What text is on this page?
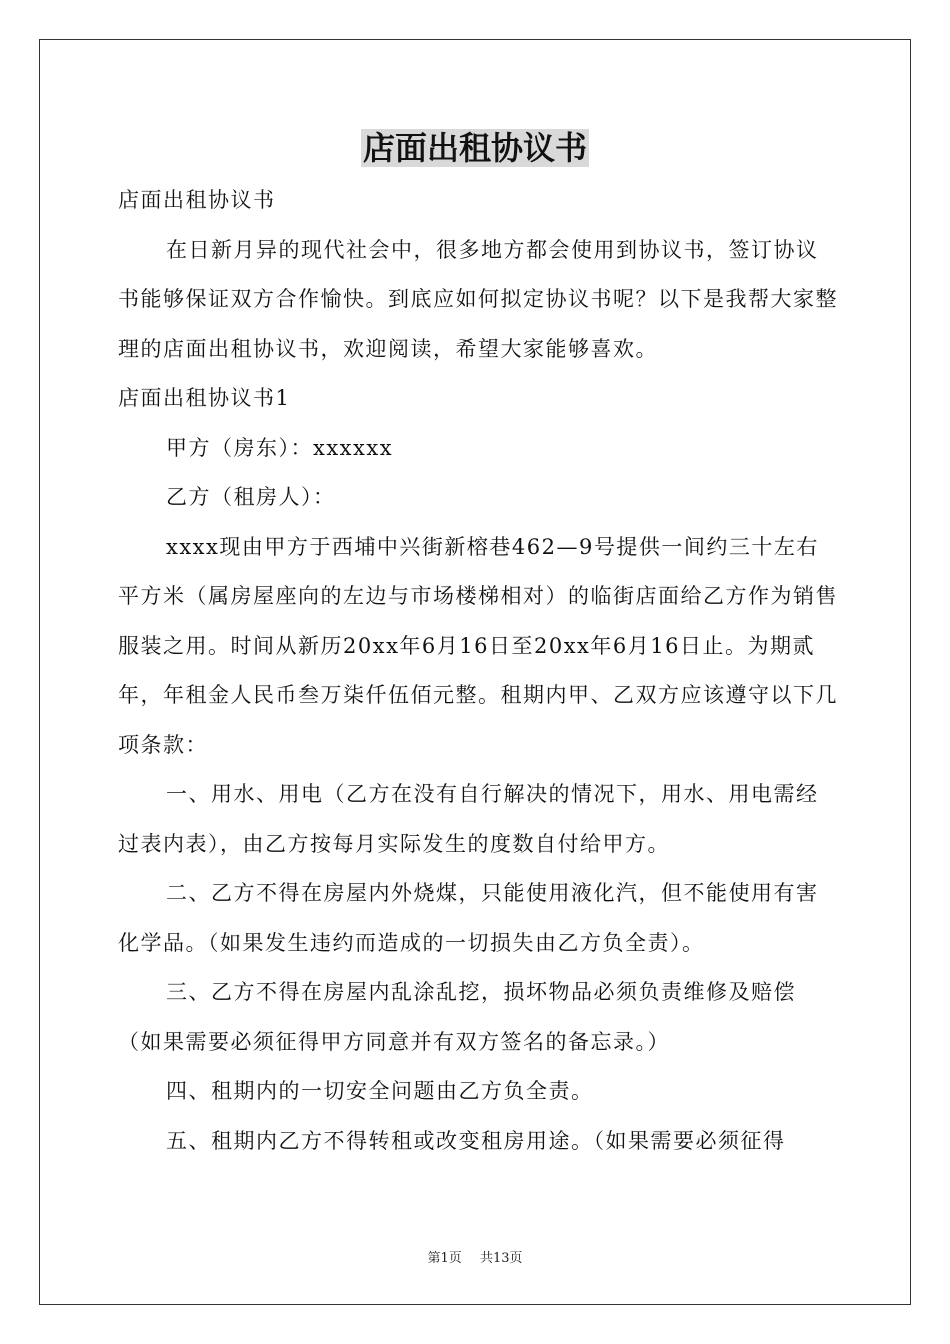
店面出租协议书

店面出租协议书

在日新月异的现代社会中，很多地方都会使用到协议书，签订协议书能够保证双方合作愉快。到底应如何拟定协议书呢？以下是我帮大家整理的店面出租协议书，欢迎阅读，希望大家能够喜欢。

店面出租协议书1

甲方（房东）：xxxxxx

乙方（租房人）：

xxxx现由甲方于西埔中兴街新榕巷462—9号提供一间约三十左右平方米（属房屋座向的左边与市场楼梯相对）的临街店面给乙方作为销售服装之用。时间从新历20xx年6月16日至20xx年6月16日止。为期贰年，年租金人民币叁万柒仟伍佰元整。租期内甲、乙双方应该遵守以下几项条款：

一、用水、用电（乙方在没有自行解决的情况下，用水、用电需经过表内表），由乙方按每月实际发生的度数自付给甲方。

二、乙方不得在房屋内外烧煤，只能使用液化汽，但不能使用有害化学品。（如果发生违约而造成的一切损失由乙方负全责）。

三、乙方不得在房屋内乱涂乱挖，损坏物品必须负责维修及赔偿（如果需要必须征得甲方同意并有双方签名的备忘录。）

四、租期内的一切安全问题由乙方负全责。

五、租期内乙方不得转租或改变租房用途。（如果需要必须征得

第1页 共13页
